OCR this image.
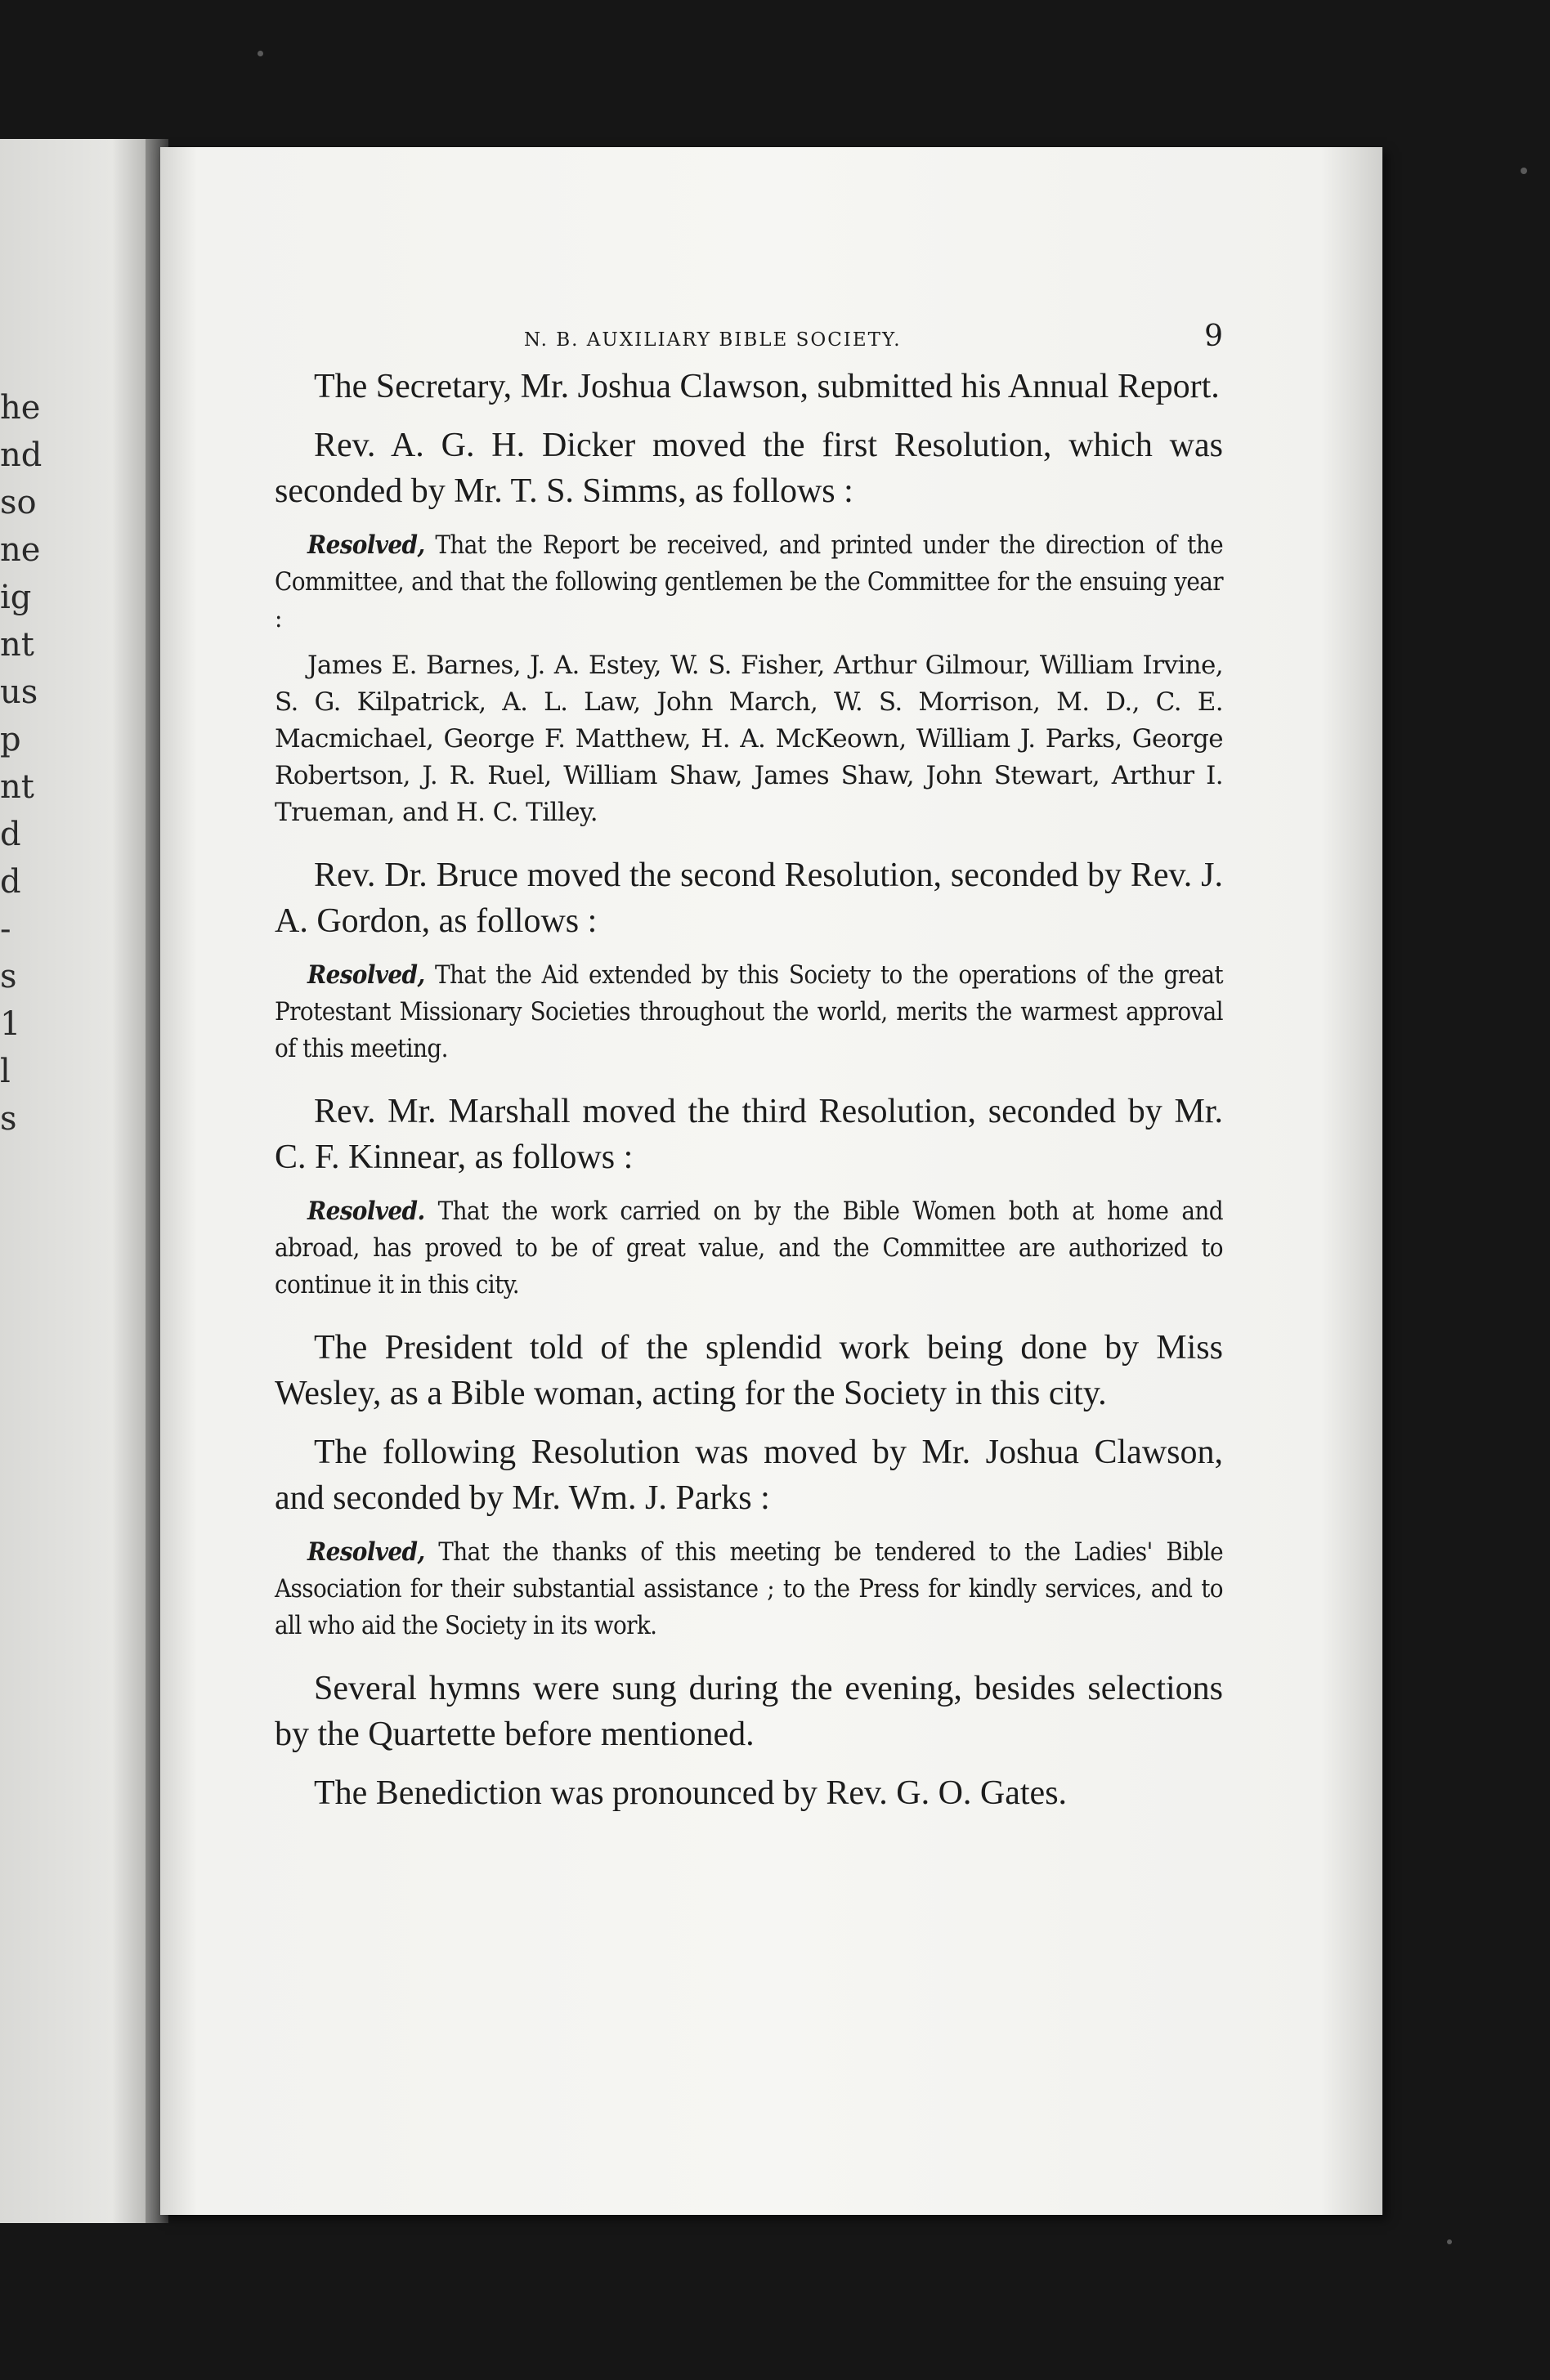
he
nd
so
ne
ig
nt
us
p
nt
d
d
-
s
1
l
s
N. B. AUXILIARY BIBLE SOCIETY.	9

The Secretary, Mr. Joshua Clawson, submitted his Annual Report.

Rev. A. G. H. Dicker moved the first Resolution, which was seconded by Mr. T. S. Simms, as follows :

Resolved, That the Report be received, and printed under the direction of the Committee, and that the following gentlemen be the Committee for the ensuing year :

James E. Barnes, J. A. Estey, W. S. Fisher, Arthur Gilmour, William Irvine, S. G. Kilpatrick, A. L. Law, John March, W. S. Morrison, M. D., C. E. Macmichael, George F. Matthew, H. A. McKeown, William J. Parks, George Robertson, J. R. Ruel, William Shaw, James Shaw, John Stewart, Arthur I. Trueman, and H. C. Tilley.

Rev. Dr. Bruce moved the second Resolution, seconded by Rev. J. A. Gordon, as follows :

Resolved, That the Aid extended by this Society to the operations of the great Protestant Missionary Societies throughout the world, merits the warmest approval of this meeting.

Rev. Mr. Marshall moved the third Resolution, seconded by Mr. C. F. Kinnear, as follows :

Resolved. That the work carried on by the Bible Women both at home and abroad, has proved to be of great value, and the Committee are authorized to continue it in this city.

The President told of the splendid work being done by Miss Wesley, as a Bible woman, acting for the Society in this city.

The following Resolution was moved by Mr. Joshua Clawson, and seconded by Mr. Wm. J. Parks :

Resolved, That the thanks of this meeting be tendered to the Ladies' Bible Association for their substantial assistance ; to the Press for kindly services, and to all who aid the Society in its work.

Several hymns were sung during the evening, besides selections by the Quartette before mentioned.

The Benediction was pronounced by Rev. G. O. Gates.
